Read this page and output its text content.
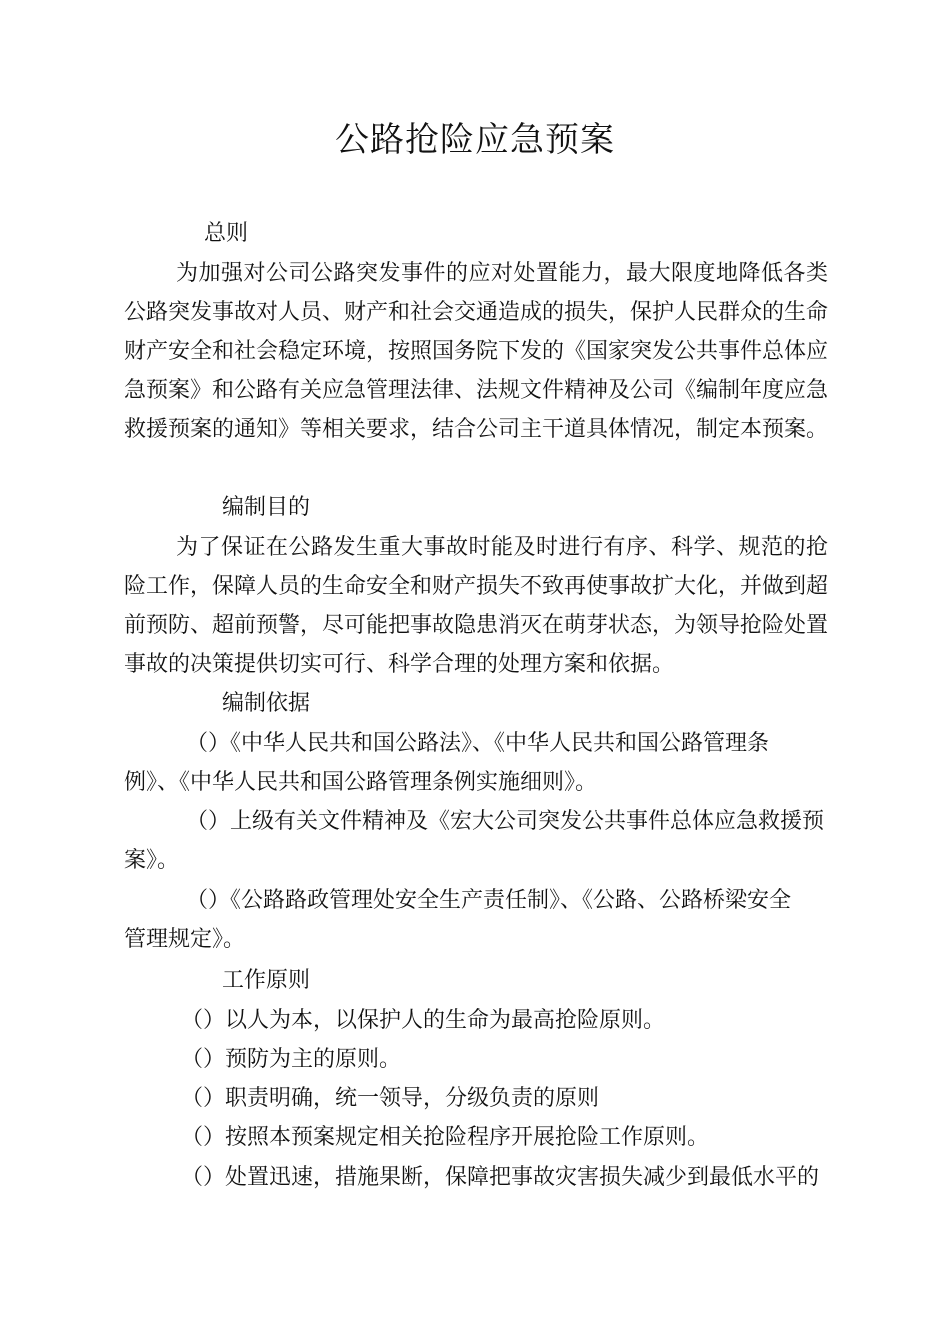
公路抢险应急预案
总则
为加强对公司公路突发事件的应对处置能力，最大限度地降低各类公路突发事故对人员、财产和社会交通造成的损失，保护人民群众的生命财产安全和社会稳定环境，按照国务院下发的《国家突发公共事件总体应急预案》和公路有关应急管理法律、法规文件精神及公司《编制年度应急救援预案的通知》等相关要求，结合公司主干道具体情况，制定本预案。
编制目的
为了保证在公路发生重大事故时能及时进行有序、科学、规范的抢险工作，保障人员的生命安全和财产损失不致再使事故扩大化，并做到超前预防、超前预警，尽可能把事故隐患消灭在萌芽状态，为领导抢险处置事故的决策提供切实可行、科学合理的处理方案和依据。
编制依据
（）《中华人民共和国公路法》、《中华人民共和国公路管理条
例》、《中华人民共和国公路管理条例实施细则》。
（）上级有关文件精神及《宏大公司突发公共事件总体应急救援预
案》。
（）《公路路政管理处安全生产责任制》、《公路、公路桥梁安全
管理规定》。
工作原则
（）以人为本，以保护人的生命为最高抢险原则。
（）预防为主的原则。
（）职责明确，统一领导，分级负责的原则
（）按照本预案规定相关抢险程序开展抢险工作原则。
（）处置迅速，措施果断，保障把事故灾害损失减少到最低水平的
